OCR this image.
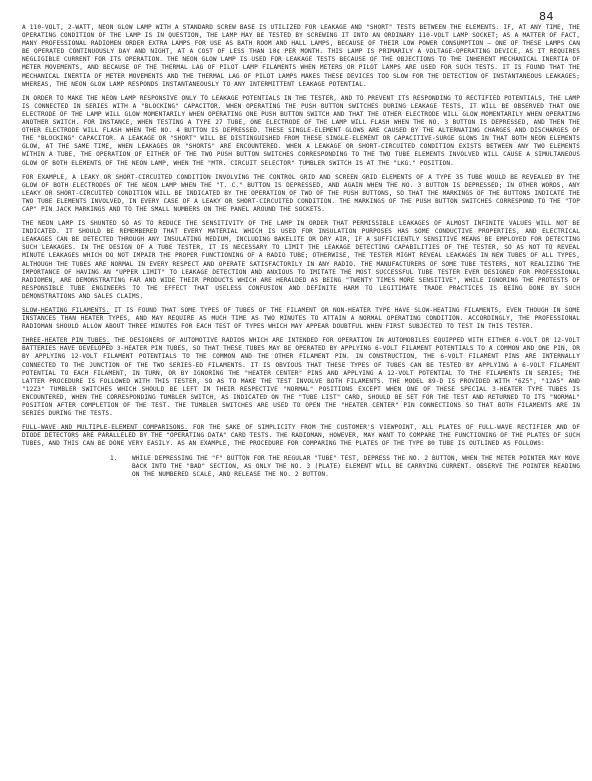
84

A 110-VOLT, 2-WATT, NEON GLOW LAMP WITH A STANDARD SCREW BASE IS UTILIZED FOR LEAKAGE AND "SHORT" TESTS BETWEEN THE ELEMENTS. IF, AT ANY TIME, THE OPERATING CONDITION OF THE LAMP IS IN QUESTION, THE LAMP MAY BE TESTED BY SCREWING IT INTO AN ORDINARY 110-VOLT LAMP SOCKET; AS A MATTER OF FACT, MANY PROFESSIONAL RADIOMEN ORDER EXTRA LAMPS FOR USE AS BATH ROOM AND HALL LAMPS, BECAUSE OF THEIR LOW POWER CONSUMPTION — ONE OF THESE LAMPS CAN BE OPERATED CONTINUOUSLY DAY AND NIGHT, AT A COST OF LESS THAN 10¢ PER MONTH. THIS LAMP IS PRIMARILY A VOLTAGE-OPERATING DEVICE, AS IT REQUIRES NEGLIGIBLE CURRENT FOR ITS OPERATION. THE NEON GLOW LAMP IS USED FOR LEAKAGE TESTS BECAUSE OF THE OBJECTIONS TO THE INHERENT MECHANICAL INERTIA OF METER MOVEMENTS, AND BECAUSE OF THE THERMAL LAG OF PILOT LAMP FILAMENTS WHEN METERS OR PILOT LAMPS ARE USED FOR SUCH TESTS. IT IS FOUND THAT THE MECHANICAL INERTIA OF METER MOVEMENTS AND THE THERMAL LAG OF PILOT LAMPS MAKES THESE DEVICES TOO SLOW FOR THE DETECTION OF INSTANTANEOUS LEAKAGES; WHEREAS, THE NEON GLOW LAMP RESPONDS INSTANTANEOUSLY TO ANY INTERMITTENT LEAKAGE POTENTIAL.

IN ORDER TO MAKE THE NEON LAMP RESPONSIVE ONLY TO LEAKAGE POTENTIALS IN THE TESTER, AND TO PREVENT ITS RESPONDING TO RECTIFIED POTENTIALS, THE LAMP IS CONNECTED IN SERIES WITH A "BLOCKING" CAPACITOR. WHEN OPERATING THE PUSH BUTTON SWITCHES DURING LEAKAGE TESTS, IT WILL BE OBSERVED THAT ONE ELECTRODE OF THE LAMP WILL GLOW MOMENTARILY WHEN OPERATING ONE PUSH BUTTON SWITCH AND THAT THE OTHER ELECTRODE WILL GLOW MOMENTARILY WHEN OPERATING ANOTHER SWITCH. FOR INSTANCE, WHEN TESTING A TYPE 27 TUBE, ONE ELECTRODE OF THE LAMP WILL FLASH WHEN THE NO. 3 BUTTON IS DEPRESSED, AND THEN THE OTHER ELECTRODE WILL FLASH WHEN THE NO. 4 BUTTON IS DEPRESSED. THESE SINGLE-ELEMENT GLOWS ARE CAUSED BY THE ALTERNATING CHARGES AND DISCHARGES OF THE "BLOCKING" CAPACITOR. A LEAKAGE OR "SHORT" WILL BE DISTINGUISHED FROM THESE SINGLE-ELEMENT OR CAPACITIVE-SURGE GLOWS IN THAT BOTH NEON ELEMENTS GLOW, AT THE SAME TIME, WHEN LEAKAGES OR "SHORTS" ARE ENCOUNTERED. WHEN A LEAKAGE OR SHORT-CIRCUITED CONDITION EXISTS BETWEEN ANY TWO ELEMENTS WITHIN A TUBE, THE OPERATION OF EITHER OF THE TWO PUSH BUTTON SWITCHES CORRESPONDING TO THE TWO TUBE ELEMENTS INVOLVED WILL CAUSE A SIMULTANEOUS GLOW OF BOTH ELEMENTS OF THE NEON LAMP, WHEN THE "MTR. CIRCUIT SELECTOR" TUMBLER SWITCH IS AT THE "LKG." POSITION.

FOR EXAMPLE, A LEAKY OR SHORT-CIRCUITED CONDITION INVOLVING THE CONTROL GRID AND SCREEN GRID ELEMENTS OF A TYPE 35 TUBE WOULD BE REVEALED BY THE GLOW OF BOTH ELECTRODES OF THE NEON LAMP WHEN THE "T. C." BUTTON IS DEPRESSED, AND AGAIN WHEN THE NO. 3 BUTTON IS DEPRESSED; IN OTHER WORDS, ANY LEAKY OR SHORT-CIRCUITED CONDITION WILL BE INDICATED BY THE OPERATION OF TWO OF THE PUSH BUTTONS, SO THAT THE MARKINGS OF THE BUTTONS INDICATE THE TWO TUBE ELEMENTS INVOLVED, IN EVERY CASE OF A LEAKY OR SHORT-CIRCUITED CONDITION. THE MARKINGS OF THE PUSH BUTTON SWITCHES CORRESPOND TO THE "TOP CAP" PIN JACK MARKINGS AND TO THE SMALL NUMBERS ON THE PANEL AROUND THE SOCKETS.

THE NEON LAMP IS SHUNTED SO AS TO REDUCE THE SENSITIVITY OF THE LAMP IN ORDER THAT PERMISSIBLE LEAKAGES OF ALMOST INFINITE VALUES WILL NOT BE INDICATED. IT SHOULD BE REMEMBERED THAT EVERY MATERIAL WHICH IS USED FOR INSULATION PURPOSES HAS SOME CONDUCTIVE PROPERTIES, AND ELECTRICAL LEAKAGES CAN BE DETECTED THROUGH ANY INSULATING MEDIUM, INCLUDING BAKELITE OR DRY AIR, IF A SUFFICIENTLY SENSITIVE MEANS BE EMPLOYED FOR DETECTING SUCH LEAKAGES. IN THE DESIGN OF A TUBE TESTER, IT IS NECESSARY TO LIMIT THE LEAKAGE DETECTING CAPABILITIES OF THE TESTER, SO AS NOT TO REVEAL MINUTE LEAKAGES WHICH DO NOT IMPAIR THE PROPER FUNCTIONING OF A RADIO TUBE; OTHERWISE, THE TESTER MIGHT REVEAL LEAKAGES IN NEW TUBES OF ALL TYPES, ALTHOUGH THE TUBES ARE NORMAL IN EVERY RESPECT AND OPERATE SATISFACTORILY IN ANY RADIO. THE MANUFACTURERS OF SOME TUBE TESTERS, NOT REALIZING THE IMPORTANCE OF HAVING AN "UPPER LIMIT" TO LEAKAGE DETECTION AND ANXIOUS TO IMITATE THE MOST SUCCESSFUL TUBE TESTER EVER DESIGNED FOR PROFESSIONAL RADIOMEN, ARE DEMONSTRATING FAR AND WIDE THEIR PRODUCTS WHICH ARE HERALDED AS BEING "TWENTY TIMES MORE SENSITIVE", WHILE IGNORING THE PROTESTS OF RESPONSIBLE TUBE ENGINEERS TO THE EFFECT THAT USELESS CONFUSION AND DEFINITE HARM TO LEGITIMATE TRADE PRACTICES IS BEING DONE BY SUCH DEMONSTRATIONS AND SALES CLAIMS.

SLOW-HEATING FILAMENTS. IT IS FOUND THAT SOME TYPES OF TUBES OF THE FILAMENT OR NON-HEATER TYPE HAVE SLOW-HEATING FILAMENTS, EVEN THOUGH IN SOME INSTANCES THAN HEATER TYPES, AND MAY REQUIRE AS MUCH TIME AS TWO MINUTES TO ATTAIN A NORMAL OPERATING CONDITION. ACCORDINGLY, THE PROFESSIONAL RADIOMAN SHOULD ALLOW ABOUT THREE MINUTES FOR EACH TEST OF TYPES WHICH MAY APPEAR DOUBTFUL WHEN FIRST SUBJECTED TO TEST IN THIS TESTER.

THREE-HEATER PIN TUBES. THE DESIGNERS OF AUTOMOTIVE RADIOS WHICH ARE INTENDED FOR OPERATION IN AUTOMOBILES EQUIPPED WITH EITHER 6-VOLT OR 12-VOLT BATTERIES HAVE DEVELOPED 3-HEATER PIN TUBES, SO THAT THESE TUBES MAY BE OPERATED BY APPLYING 6-VOLT FILAMENT POTENTIALS TO A COMMON AND ONE PIN, OR BY APPLYING 12-VOLT FILAMENT POTENTIALS TO THE COMMON AND THE OTHER FILAMENT PIN. IN CONSTRUCTION, THE 6-VOLT FILAMENT PINS ARE INTERNALLY CONNECTED TO THE JUNCTION OF THE TWO SERIES-ED FILAMENTS. IT IS OBVIOUS THAT THESE TYPES OF TUBES CAN BE TESTED BY APPLYING A 6-VOLT FILAMENT POTENTIAL TO EACH FILAMENT, IN TURN, OR BY IGNORING THE "HEATER CENTER" PINS AND APPLYING A 12-VOLT POTENTIAL TO THE FILAMENTS IN SERIES; THE LATTER PROCEDURE IS FOLLOWED WITH THIS TESTER, SO AS TO MAKE THE TEST INVOLVE BOTH FILAMENTS. THE MODEL 89-D IS PROVIDED WITH "6Z5", "12A5" AND "12Z3" TUMBLER SWITCHES WHICH SHOULD BE LEFT IN THEIR RESPECTIVE "NORMAL" POSITIONS EXCEPT WHEN ONE OF THESE SPECIAL 3-HEATER TYPE TUBES IS ENCOUNTERED, WHEN THE CORRESPONDING TUMBLER SWITCH, AS INDICATED ON THE "TUBE LIST" CARD, SHOULD BE SET FOR THE TEST AND RETURNED TO ITS "NORMAL" POSITION AFTER COMPLETION OF THE TEST. THE TUMBLER SWITCHES ARE USED TO OPEN THE "HEATER CENTER" PIN CONNECTIONS SO THAT BOTH FILAMENTS ARE IN SERIES DURING THE TESTS.

FULL-WAVE AND MULTIPLE-ELEMENT COMPARISONS. FOR THE SAKE OF SIMPLICITY FROM THE CUSTOMER'S VIEWPOINT, ALL PLATES OF FULL-WAVE RECTIFIER AND OF DIODE DETECTORS ARE PARALLELED BY THE "OPERATING DATA" CARD TESTS. THE RADIOMAN, HOWEVER, MAY WANT TO COMPARE THE FUNCTIONING OF THE PLATES OF SUCH TUBES, AND THIS CAN BE DONE VERY EASILY. AS AN EXAMPLE, THE PROCEDURE FOR COMPARING THE PLATES OF THE TYPE 80 TUBE IS OUTLINED AS FOLLOWS:

1. WHILE DEPRESSING THE "F" BUTTON FOR THE REGULAR "TUBE" TEST, DEPRESS THE NO. 2 BUTTON, WHEN THE METER POINTER MAY MOVE BACK INTO THE "BAD" SECTION, AS ONLY THE NO. 3 (PLATE) ELEMENT WILL BE CARRYING CURRENT. OBSERVE THE POINTER READING ON THE NUMBERED SCALE, AND RELEASE THE NO. 2 BUTTON.
